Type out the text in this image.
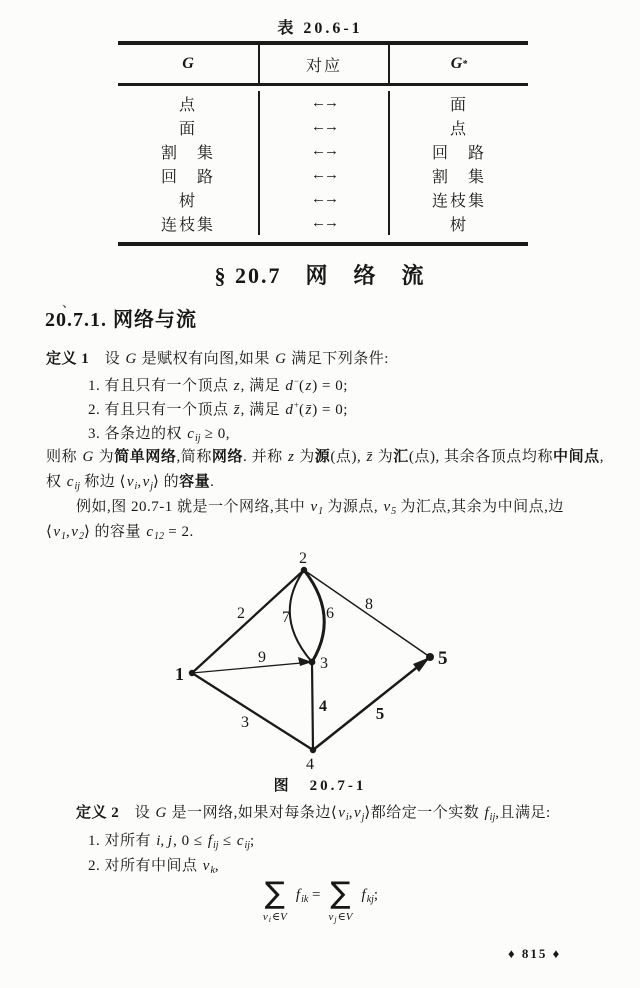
表 20.6-1
G	对应	G *
点	←→	面
面	←→	点
割　集	←→	回　路
回　路	←→	割　集
树	←→	连枝集
连枝集	←→	树
§ 20.7　网　络　流
、
20.7.1. 网络与流
定义 1　设 G 是赋权有向图,如果 G 满足下列条件:
1. 有且只有一个顶点 z, 满足 d−(z) = 0;
2. 有且只有一个顶点 z̄, 满足 d+(z̄) = 0;
3. 各条边的权 $c_{ij} \ge 0$,
则称 G 为简单网络,简称网络. 并称 z 为源(点), z̄ 为汇(点), 其余各顶点均称中间点,权 $c_{ij}$ 称边 $⟨v_i,v_j⟩$ 的容量.
例如,图 20.7-1 就是一个网络,其中 $v_1$ 为源点, $v_5$ 为汇点,其余为中间点,边 $⟨v_1,v_2⟩$ 的容量 $c_{12} = 2$.
2
1
3	5
4
2 7 6
8
9
3
4	5
图　20.7-1
定义 2　设 G 是一网络,如果对每条边$⟨v_i,v_j⟩$都给定一个实数 $f_{ij}$,且满足:
1. 对所有 i, j, $0 \le f_{ij} \le c_{ij}$;
2. 对所有中间点 $v_k$,
∑
$v_i\in V$
$f_{ik}$ = ∑
$v_j\in V$
$f_{kj}$;
♦ 815 ♦
